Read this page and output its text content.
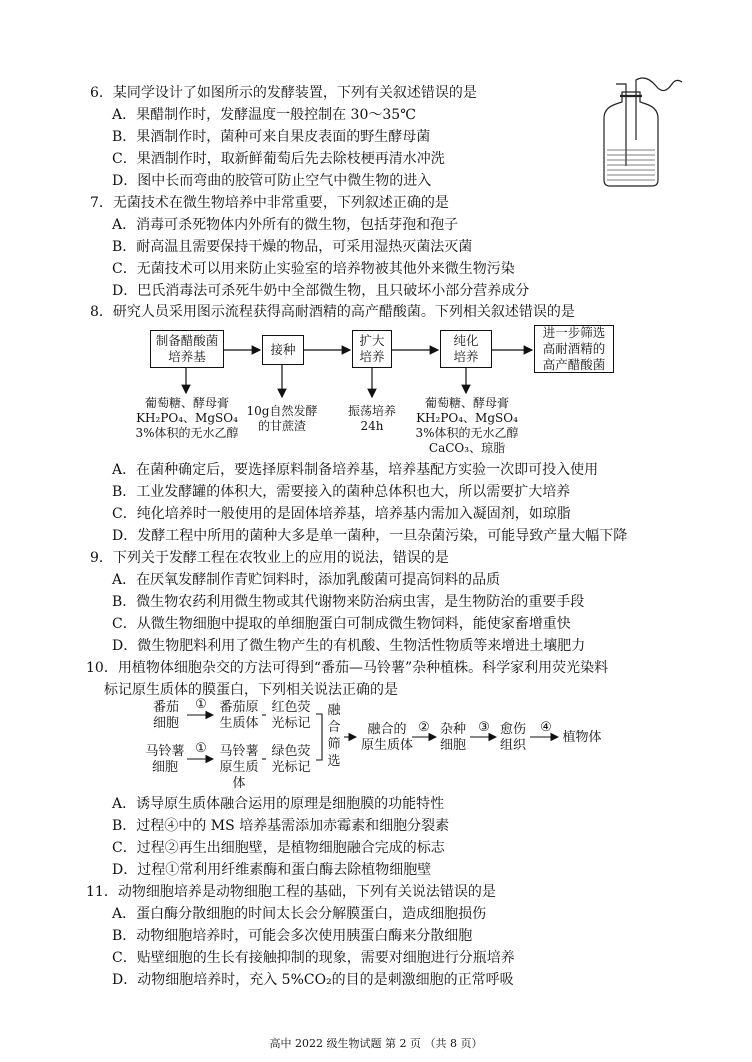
6．某同学设计了如图所示的发酵装置，下列有关叙述错误的是
A．果醋制作时，发酵温度一般控制在 30～35℃
B．果酒制作时，菌种可来自果皮表面的野生酵母菌
C．果酒制作时，取新鲜葡萄后先去除枝梗再清水冲洗
D．图中长而弯曲的胶管可防止空气中微生物的进入
7．无菌技术在微生物培养中非常重要，下列叙述正确的是
A．消毒可杀死物体内外所有的微生物，包括芽孢和孢子
B．耐高温且需要保持干燥的物品，可采用湿热灭菌法灭菌
C．无菌技术可以用来防止实验室的培养物被其他外来微生物污染
D．巴氏消毒法可杀死牛奶中全部微生物，且只破坏小部分营养成分
8．研究人员采用图示流程获得高耐酒精的高产醋酸菌。下列相关叙述错误的是
制备醋酸菌
培养基	接种
扩大
培养
纯化
培养
进一步筛选
高耐酒精的
高产醋酸菌
葡萄糖、酵母膏
KH₂PO₄、MgSO₄
3%体积的无水乙醇
10g自然发酵
的甘蔗渣
振荡培养
24h
葡萄糖、酵母膏
KH₂PO₄、MgSO₄
3%体积的无水乙醇
CaCO₃、琼脂
A．在菌种确定后，要选择原料制备培养基，培养基配方实验一次即可投入使用
B．工业发酵罐的体积大，需要接入的菌种总体积也大，所以需要扩大培养
C．纯化培养时一般使用的是固体培养基，培养基内需加入凝固剂，如琼脂
D．发酵工程中所用的菌种大多是单一菌种，一旦杂菌污染，可能导致产量大幅下降
9．下列关于发酵工程在农牧业上的应用的说法，错误的是
A．在厌氧发酵制作青贮饲料时，添加乳酸菌可提高饲料的品质
B．微生物农药利用微生物或其代谢物来防治病虫害，是生物防治的重要手段
C．从微生物细胞中提取的单细胞蛋白可制成微生物饲料，能使家畜增重快
D．微生物肥料利用了微生物产生的有机酸、生物活性物质等来增进土壤肥力
10．用植物体细胞杂交的方法可得到“番茄—马铃薯”杂种植株。科学家利用荧光染料
标记原生质体的膜蛋白，下列相关说法正确的是
番茄
细胞
① 番茄原
生质体
红色荧
光标记
马铃薯
细胞
① 马铃薯
原生质
体
绿色荧
光标记
融
合
筛
选
融合的
原生质体
② 杂种
细胞
③ 愈伤
组织
④
植物体
A．诱导原生质体融合运用的原理是细胞膜的功能特性
B．过程④中的 MS 培养基需添加赤霉素和细胞分裂素
C．过程②再生出细胞壁，是植物细胞融合完成的标志
D．过程①常利用纤维素酶和蛋白酶去除植物细胞壁
11．动物细胞培养是动物细胞工程的基础，下列有关说法错误的是
A．蛋白酶分散细胞的时间太长会分解膜蛋白，造成细胞损伤
B．动物细胞培养时，可能会多次使用胰蛋白酶来分散细胞
C．贴壁细胞的生长有接触抑制的现象，需要对细胞进行分瓶培养
D．动物细胞培养时，充入 5%CO₂的目的是刺激细胞的正常呼吸
高中 2022 级生物试题 第 2 页 （共 8 页）
